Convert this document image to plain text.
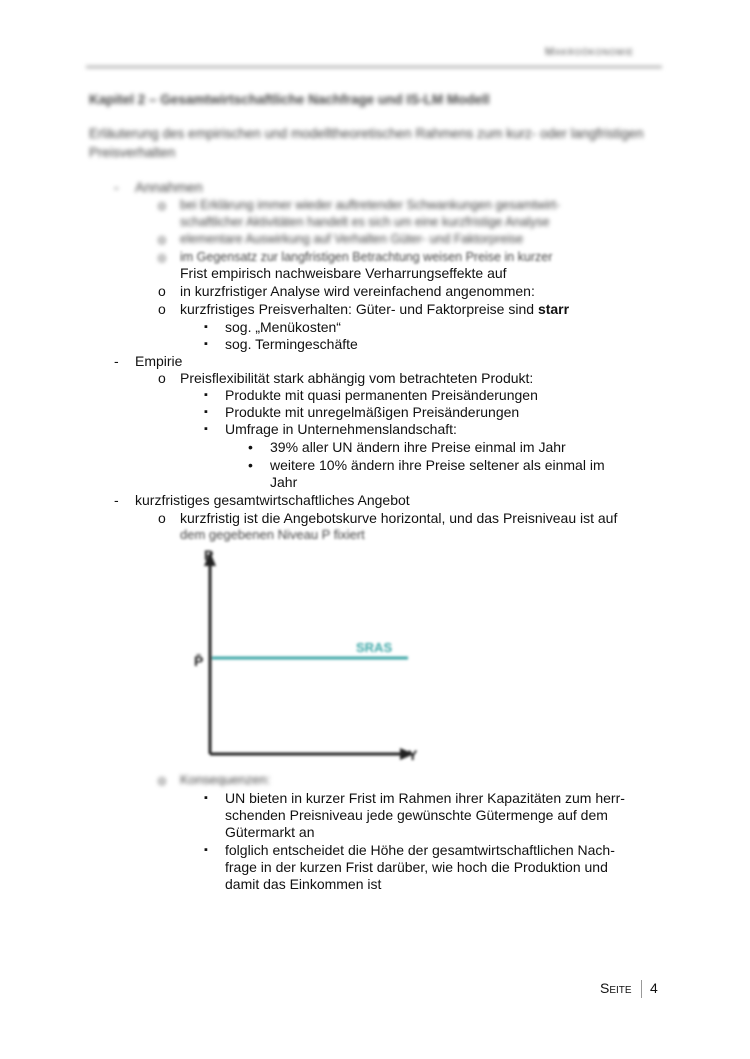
Makroökonomie
Kapitel 2 – Gesamtwirtschaftliche Nachfrage und IS-LM Modell
Erläuterung des empirischen und modelltheoretischen Rahmens zum kurz- oder langfristigen Preisverhalten
- Annahmen
o bei Erklärung immer wieder auftretender Schwankungen gesamtwirt-
schaftlicher Aktivitäten handelt es sich um eine kurzfristige Analyse
o elementare Auswirkung auf Verhalten Güter- und Faktorpreise
o im Gegensatz zur langfristigen Betrachtung weisen Preise in kurzer
Frist empirisch nachweisbare Verharrungseffekte auf
o in kurzfristiger Analyse wird vereinfachend angenommen:
o kurzfristiges Preisverhalten: Güter- und Faktorpreise sind starr
▪ sog. „Menükosten“
▪ sog. Termingeschäfte
- Empirie
o Preisflexibilität stark abhängig vom betrachteten Produkt:
▪ Produkte mit quasi permanenten Preisänderungen
▪ Produkte mit unregelmäßigen Preisänderungen
▪ Umfrage in Unternehmenslandschaft:
• 39% aller UN ändern ihre Preise einmal im Jahr
• weitere 10% ändern ihre Preise seltener als einmal im
Jahr
- kurzfristiges gesamtwirtschaftliches Angebot
o kurzfristig ist die Angebotskurve horizontal, und das Preisniveau ist auf
dem gegebenen Niveau P fixiert
P
Y
P̄
SRAS
o Konsequenzen:
▪ UN bieten in kurzer Frist im Rahmen ihrer Kapazitäten zum herr-
schenden Preisniveau jede gewünschte Gütermenge auf dem
Gütermarkt an
▪ folglich entscheidet die Höhe der gesamtwirtschaftlichen Nach-
frage in der kurzen Frist darüber, wie hoch die Produktion und
damit das Einkommen ist
Seite 4
